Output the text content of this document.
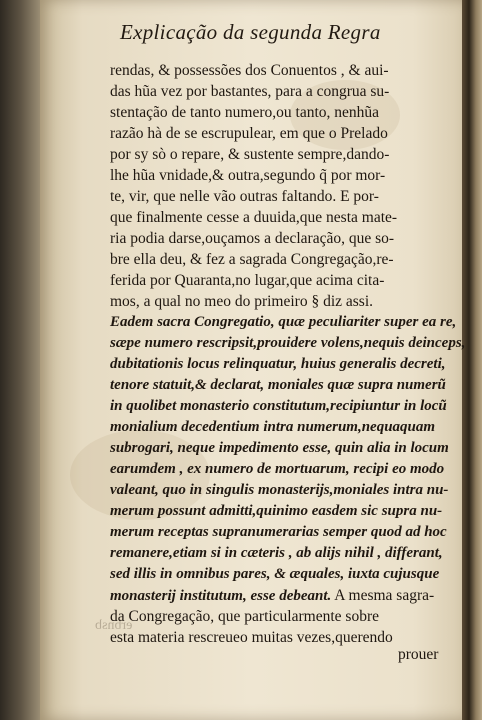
Explicação da segunda Regra
rendas, & possessões dos Conuentos , & aui-
das hũa vez por bastantes, para a congrua su-
stentação de tanto numero,ou tanto, nenhũa
razão hà de se escrupulear, em que o Prelado
por sy sò o repare, & sustente sempre,dando-
lhe hũa vnidade,& outra,segundo q̃ por mor-
te, vir, que nelle vão outras faltando. E por-
que finalmente cesse a duuida,que nesta mate-
ria podia darse,ouçamos a declaração, que so-
bre ella deu, & fez a sagrada Congregação,re-
ferida por Quaranta,no lugar,que acima cita-
mos, a qual no meo do primeiro § diz assi.
Eadem sacra Congregatio, quæ peculiariter super ea re,
sæpe numero rescripsit,prouidere volens,nequis deinceps,
dubitationis locus relinquatur, huius generalis decreti,
tenore statuit,& declarat, moniales quæ supra numerũ
in quolibet monasterio constitutum,recipiuntur in locũ
monialium decedentium intra numerum,nequaquam
subrogari, neque impedimento esse, quin alia in locum
earumdem , ex numero de mortuarum, recipi eo modo
valeant, quo in singulis monasterijs,moniales intra nu-
merum possunt admitti,quinimo easdem sic supra nu-
merum receptas supranumerarias semper quod ad hoc
remanere,etiam si in cæteris , ab alijs nihil , differant,
sed illis in omnibus pares, & æquales, iuxta cujusque
monasterij institutum, esse debeant. A mesma sagra-
da Congregação, que particularmente sobre
esta materia rescreueo muitas vezes,querendo
erbnsb
prouer
